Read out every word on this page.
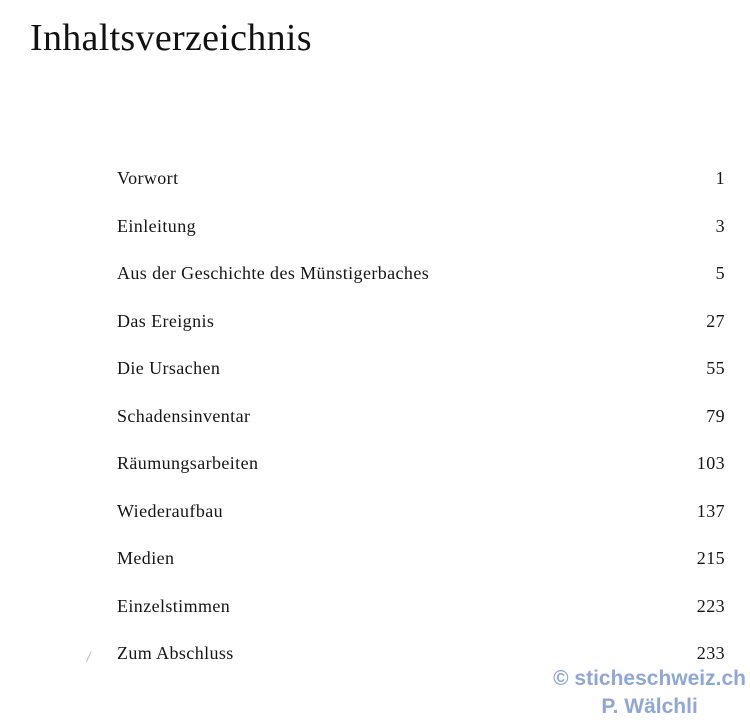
Inhaltsverzeichnis
Vorwort	1
Einleitung	3
Aus der Geschichte des Münstigerbaches	5
Das Ereignis	27
Die Ursachen	55
Schadensinventar	79
Räumungsarbeiten	103
Wiederaufbau	137
Medien	215
Einzelstimmen	223
Zum Abschluss	233
© sticheschweiz.ch
P. Wälchli
